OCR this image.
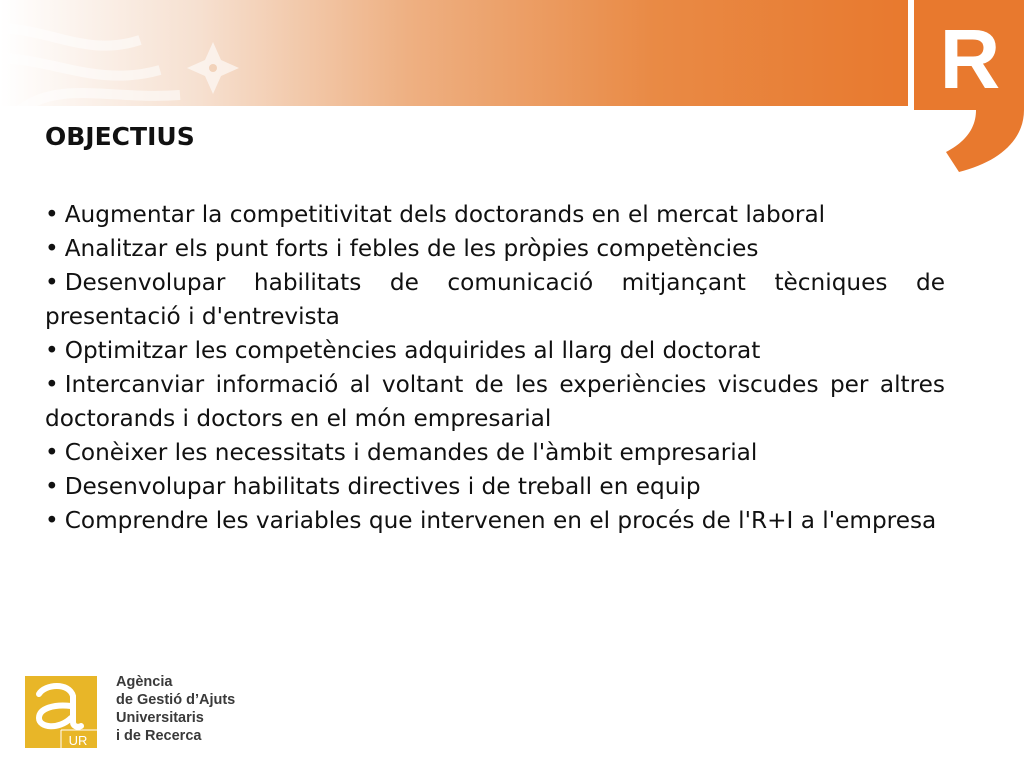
R
OBJECTIUS

• Augmentar la competitivitat dels doctorands en el mercat laboral

• Analitzar els punt forts i febles de les pròpies competències

• Desenvolupar habilitats de comunicació mitjançant tècniques de presentació i d'entrevista

• Optimitzar les competències adquirides al llarg del doctorat

• Intercanviar informació al voltant de les experiències viscudes per altres doctorands i doctors en el món empresarial

• Conèixer les necessitats i demandes de l'àmbit empresarial

• Desenvolupar habilitats directives i de treball en equip

• Comprendre les variables que intervenen en el procés de l'R+I a l'empresa

UR
Agència
de Gestió d’Ajuts
Universitaris
i de Recerca
